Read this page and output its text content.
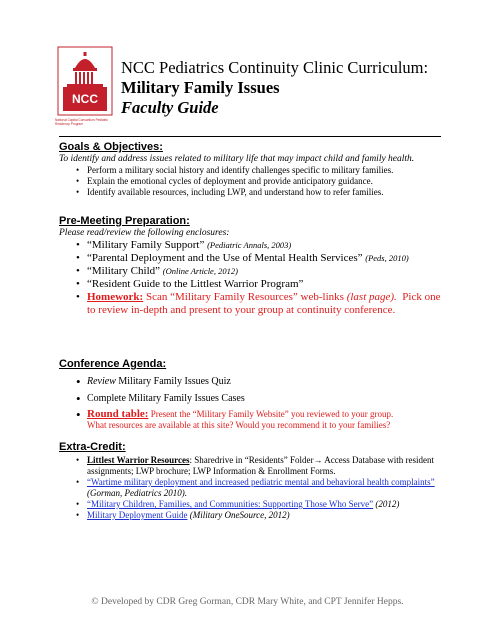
NCC
National Capital Consortium Pediatric Residency Program
NCC Pediatrics Continuity Clinic Curriculum:
Military Family Issues
Faculty Guide
Goals & Objectives:
To identify and address issues related to military life that may impact child and family health.
• Perform a military social history and identify challenges specific to military families.
• Explain the emotional cycles of deployment and provide anticipatory guidance.
• Identify available resources, including LWP, and understand how to refer families.
Pre-Meeting Preparation:
Please read/review the following enclosures:
• “Military Family Support” (Pediatric Annals, 2003)
• “Parental Deployment and the Use of Mental Health Services” (Peds, 2010)
• “Military Child” (Online Article, 2012)
• “Resident Guide to the Littlest Warrior Program”
• Homework: Scan “Military Family Resources” web-links (last page). Pick one to review in-depth and present to your group at continuity conference.
Conference Agenda:
• Review Military Family Issues Quiz
• Complete Military Family Issues Cases
• Round table: Present the “Military Family Website” you reviewed to your group.
What resources are available at this site? Would you recommend it to your families?
Extra-Credit:
• Littlest Warrior Resources: Sharedrive in “Residents” Folder→ Access Database with resident assignments; LWP brochure; LWP Information & Enrollment Forms.
• “Wartime military deployment and increased pediatric mental and behavioral health complaints” (Gorman, Pediatrics 2010).
• “Military Children, Families, and Communities: Supporting Those Who Serve” (2012)
• Military Deployment Guide (Military OneSource, 2012)
© Developed by CDR Greg Gorman, CDR Mary White, and CPT Jennifer Hepps.
